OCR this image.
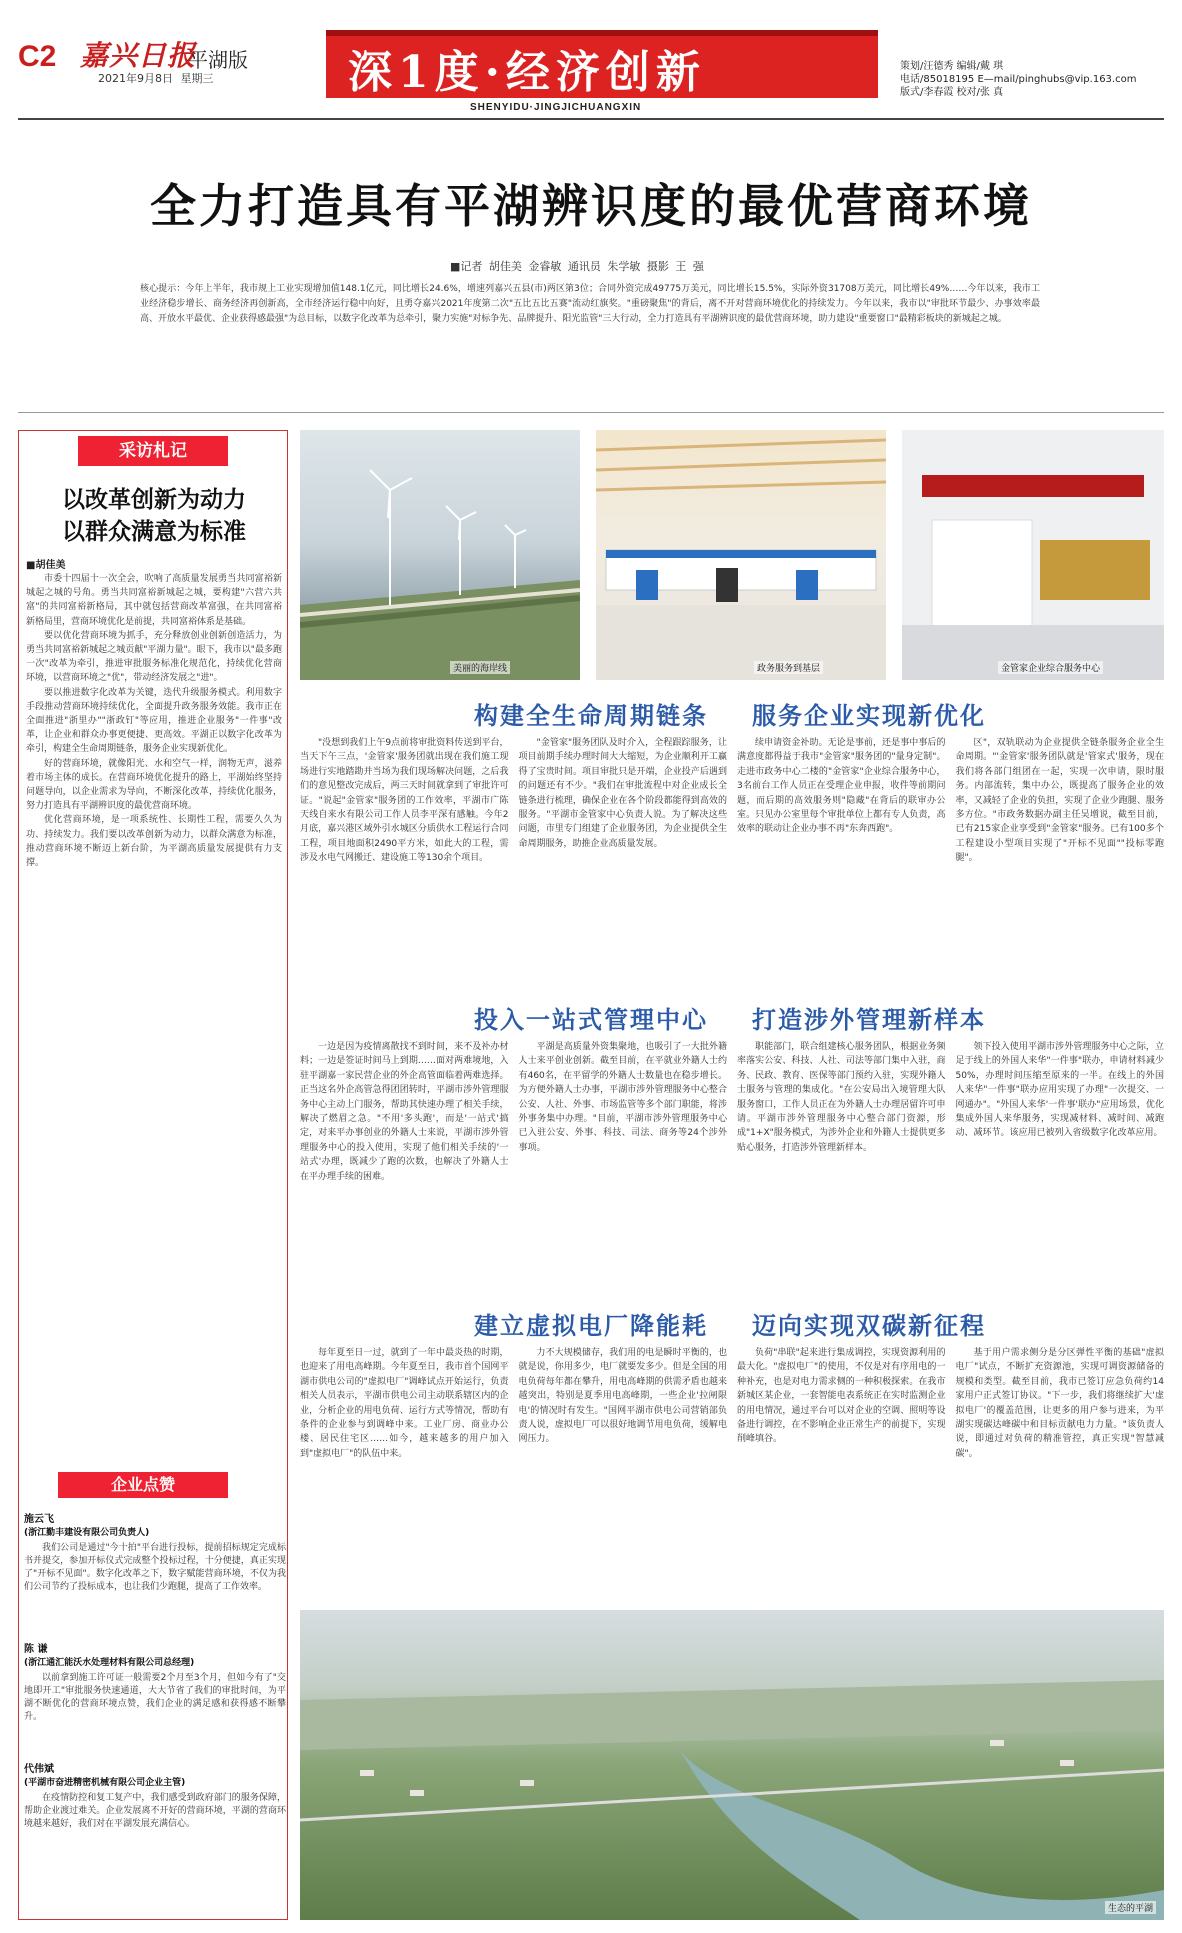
C2 嘉兴日报
平湖版
2021年9月8日 星期三	深1度·经济创新
SHENYIDU·JINGJICHUANGXIN
策划/汪德秀 编辑/戴 琪
电话/85018195 E—mail/pinghubs@vip.163.com
版式/李春霞 校对/张 真
全力打造具有平湖辨识度的最优营商环境
■记者 胡佳美 金睿敏 通讯员 朱学敏 摄影 王 强
核心提示：今年上半年，我市规上工业实现增加值148.1亿元，同比增长24.6%，增速列嘉兴五县(市)两区第3位；合同外资完成49775万美元，同比增长15.5%，实际外资31708万美元，同比增长49%……今年以来，我市工业经济稳步增长、商务经济再创新高，全市经济运行稳中向好，且勇夺嘉兴2021年度第二次"五比五比五赛"流动红旗奖。"重磅聚焦"的背后，离不开对营商环境优化的持续发力。今年以来，我市以"审批环节最少、办事效率最高、开放水平最优、企业获得感最强"为总目标，以数字化改革为总牵引，聚力实施"对标争先、品牌提升、阳光监管"三大行动，全力打造具有平湖辨识度的最优营商环境，助力建设"重要窗口"最精彩板块的新城起之城。
采访札记
以改革创新为动力
以群众满意为标准
■胡佳美

市委十四届十一次全会，吹响了高质量发展勇当共同富裕新城起之城的号角。勇当共同富裕新城起之城，要构建"六营六共富"的共同富裕新格局，其中就包括营商改革富强，在共同富裕新格局里，营商环境优化是前提，共同富裕体系是基础。

要以优化营商环境为抓手，充分释放创业创新创造活力，为勇当共同富裕新城起之城贡献"平湖力量"。眼下，我市以"最多跑一次"改革为牵引，推进审批服务标准化规范化，持续优化营商环境，以营商环境之"优"，带动经济发展之"进"。

要以推进数字化改革为关键，迭代升级服务模式。利用数字手段推动营商环境持续优化，全面提升政务服务效能。我市正在全面推进"浙里办""浙政钉"等应用，推进企业服务"一件事"改革，让企业和群众办事更便捷、更高效。平湖正以数字化改革为牵引，构建全生命周期链条，服务企业实现新优化。

好的营商环境，就像阳光、水和空气一样，润物无声，滋养着市场主体的成长。在营商环境优化提升的路上，平湖始终坚持问题导向，以企业需求为导向，不断深化改革，持续优化服务，努力打造具有平湖辨识度的最优营商环境。

优化营商环境，是一项系统性、长期性工程，需要久久为功、持续发力。我们要以改革创新为动力，以群众满意为标准，推动营商环境不断迈上新台阶，为平湖高质量发展提供有力支撑。

企业点赞
施云飞
(浙江勤丰建设有限公司负责人)
我们公司是通过"今十拍"平台进行投标，提前招标规定完成标书并提交，参加开标仪式完成整个投标过程，十分便捷，真正实现了"开标不见面"。数字化改革之下，数字赋能营商环境，不仅为我们公司节约了投标成本，也让我们少跑腿，提高了工作效率。
陈 谦
(浙江通汇能沃水处理材料有限公司总经理)
以前拿到施工许可证一般需要2个月至3个月，但如今有了"交地即开工"审批服务快速通道，大大节省了我们的审批时间，为平湖不断优化的营商环境点赞，我们企业的满足感和获得感不断攀升。
代伟斌
(平湖市奋进精密机械有限公司企业主管)
在疫情防控和复工复产中，我们感受到政府部门的服务保障，帮助企业渡过难关。企业发展离不开好的营商环境，平湖的营商环境越来越好，我们对在平湖发展充满信心。
美丽的海岸线	政务服务到基层	金管家企业综合服务中心
构建全生命周期链条 服务企业实现新优化
"没想到我们上午9点前将审批资料传送到平台，当天下午三点，'金管家'服务团就出现在我们施工现场进行实地踏勘并当场为我们现场解决问题，之后我们的意见整改完成后，两三天时间就拿到了审批许可证。"说起"金管家"服务团的工作效率，平湖市广陈天线自来水有限公司工作人员李平深有感触。今年2月底，嘉兴港区域外引水城区分质供水工程运行合同工程，项目地面积2490平方米，如此大的工程，需涉及水电气网搬迁、建设施工等130余个项目。
"金管家"服务团队及时介入，全程跟踪服务，让项目前期手续办理时间大大缩短，为企业顺利开工赢得了宝贵时间。项目审批只是开端，企业投产后遇到的问题还有不少。"我们在审批流程中对企业成长全链条进行梳理，确保企业在各个阶段都能得到高效的服务。"平湖市金管家中心负责人说。为了解决这些问题，市里专门组建了企业服务团，为企业提供全生命周期服务，助推企业高质量发展。
续申请资金补助。无论是事前，还是事中事后的满意度都得益于我市"金管家"服务团的"量身定制"。走进市政务中心二楼的"金管家"企业综合服务中心，3名前台工作人员正在受理企业申报，收件等前期问题，而后期的高效服务则"隐藏"在背后的联审办公室。只见办公室里每个审批单位上都有专人负责，高效率的联动让企业办事不再"东奔西跑"。
区"，双轨联动为企业提供全链条服务企业全生命周期。"'金管家'服务团队就是'管家式'服务，现在我们将各部门组团在一起，实现一次申请，限时服务。内部流转，集中办公，既提高了服务企业的效率，又减轻了企业的负担，实现了企业少跑腿、服务多方位。"市政务数据办副主任吴增说，截至目前，已有215家企业享受到"金管家"服务。已有100多个工程建设小型项目实现了"开标不见面""投标零跑腿"。
投入一站式管理中心 打造涉外管理新样本
一边是因为疫情离散找不到时间，来不及补办材料；一边是签证时间马上到期……面对两难境地，入驻平湖嘉一家民营企业的外企高管面临着两难选择。正当这名外企高管急得团团转时，平湖市涉外管理服务中心主动上门服务，帮助其快速办理了相关手续，解决了燃眉之急。"不用'多头跑'，而是'一站式'搞定，对来平办事创业的外籍人士来说，平湖市涉外管理服务中心的投入使用，实现了他们相关手续的'一站式'办理，既减少了跑的次数，也解决了外籍人士在平办理手续的困难。
平湖是高质量外资集聚地，也吸引了一大批外籍人士来平创业创新。截至目前，在平就业外籍人士约有460名，在平留学的外籍人士数量也在稳步增长。为方便外籍人士办事，平湖市涉外管理服务中心整合公安、人社、外事、市场监管等多个部门职能，将涉外事务集中办理。"目前，平湖市涉外管理服务中心已入驻公安、外事、科技、司法、商务等24个涉外事项。
职能部门，联合组建核心服务团队，根据业务频率落实公安、科技、人社、司法等部门集中入驻，商务、民政、教育、医保等部门预约入驻，实现外籍人士服务与管理的集成化。"在公安局出入境管理大队服务窗口，工作人员正在为外籍人士办理居留许可申请。平湖市涉外管理服务中心整合部门资源，形成"1+X"服务模式，为涉外企业和外籍人士提供更多贴心服务，打造涉外管理新样本。
领下投入使用平湖市涉外管理服务中心之际，立足于线上的外国人来华"一件事"联办，申请材料减少50%，办理时间压缩至原来的一半。在线上的外国人来华"一件事"联办应用实现了办理"一次提交、一网通办"。"外国人来华'一件事'联办"应用场景，优化集成外国人来华服务，实现减材料、减时间、减跑动、减环节。该应用已被列入省级数字化改革应用。
建立虚拟电厂降能耗 迈向实现双碳新征程
每年夏至日一过，就到了一年中最炎热的时期，也迎来了用电高峰期。今年夏至日，我市首个国网平湖市供电公司的"虚拟电厂"调峰试点开始运行，负责相关人员表示，平湖市供电公司主动联系辖区内的企业，分析企业的用电负荷、运行方式等情况，帮助有条件的企业参与到调峰中来。工业厂房、商业办公楼、居民住宅区……如今，越来越多的用户加入到"虚拟电厂"的队伍中来。
力不大规模储存，我们用的电是瞬时平衡的，也就是说，你用多少，电厂就要发多少。但是全国的用电负荷每年都在攀升，用电高峰期的供需矛盾也越来越突出，特别是夏季用电高峰期，一些企业'拉闸限电'的情况时有发生。"国网平湖市供电公司营销部负责人说，虚拟电厂可以很好地调节用电负荷，缓解电网压力。
负荷"串联"起来进行集成调控，实现资源利用的最大化。"虚拟电厂"的使用，不仅是对有序用电的一种补充，也是对电力需求侧的一种积极探索。在我市新城区某企业，一套智能电表系统正在实时监测企业的用电情况，通过平台可以对企业的空调、照明等设备进行调控，在不影响企业正常生产的前提下，实现削峰填谷。
基于用户需求侧分是分区弹性平衡的基础"虚拟电厂"试点，不断扩充资源池，实现可调资源储备的规模和类型。截至目前，我市已签订应急负荷约14家用户正式签订协议。"下一步，我们将继续扩大'虚拟电厂'的覆盖范围，让更多的用户参与进来，为平湖实现碳达峰碳中和目标贡献电力力量。"该负责人说，即通过对负荷的精准管控，真正实现"智慧减碳"。
生态的平湖
